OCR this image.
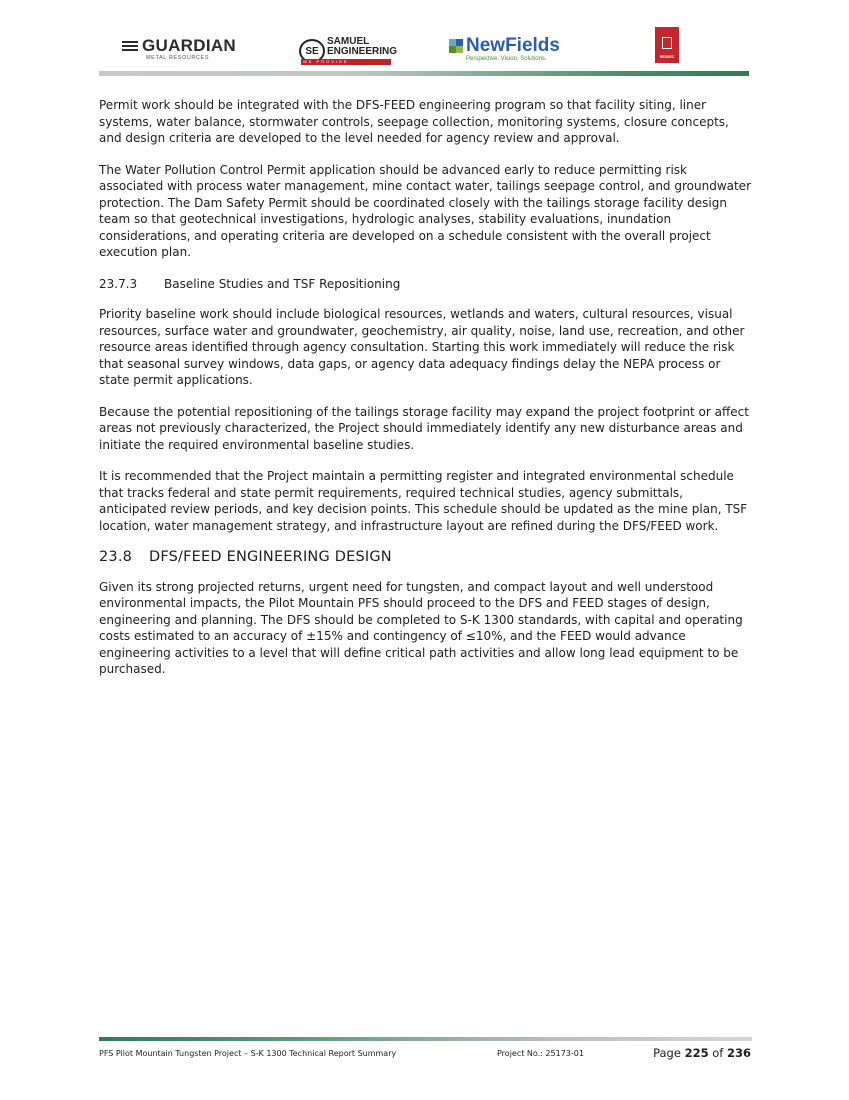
GUARDIAN
METAL RESOURCES
SE
SAMUEL
ENGINEERING
WE PROVIDE SOLUTIONS
NewFields
Perspective. Vision. Solutions.	RESSEC

Permit work should be integrated with the DFS-FEED engineering program so that facility siting, liner systems, water balance, stormwater controls, seepage collection, monitoring systems, closure concepts, and design criteria are developed to the level needed for agency review and approval.

The Water Pollution Control Permit application should be advanced early to reduce permitting risk associated with process water management, mine contact water, tailings seepage control, and groundwater protection. The Dam Safety Permit should be coordinated closely with the tailings storage facility design team so that geotechnical investigations, hydrologic analyses, stability evaluations, inundation considerations, and operating criteria are developed on a schedule consistent with the overall project execution plan.

23.7.3 Baseline Studies and TSF Repositioning

Priority baseline work should include biological resources, wetlands and waters, cultural resources, visual resources, surface water and groundwater, geochemistry, air quality, noise, land use, recreation, and other resource areas identified through agency consultation. Starting this work immediately will reduce the risk that seasonal survey windows, data gaps, or agency data adequacy findings delay the NEPA process or state permit applications.

Because the potential repositioning of the tailings storage facility may expand the project footprint or affect areas not previously characterized, the Project should immediately identify any new disturbance areas and initiate the required environmental baseline studies.

It is recommended that the Project maintain a permitting register and integrated environmental schedule that tracks federal and state permit requirements, required technical studies, agency submittals, anticipated review periods, and key decision points. This schedule should be updated as the mine plan, TSF location, water management strategy, and infrastructure layout are refined during the DFS/FEED work.

23.8 DFS/FEED ENGINEERING DESIGN

Given its strong projected returns, urgent need for tungsten, and compact layout and well understood environmental impacts, the Pilot Mountain PFS should proceed to the DFS and FEED stages of design, engineering and planning. The DFS should be completed to S-K 1300 standards, with capital and operating costs estimated to an accuracy of ±15% and contingency of ≤10%, and the FEED would advance engineering activities to a level that will define critical path activities and allow long lead equipment to be purchased.

PFS Pilot Mountain Tungsten Project – S-K 1300 Technical Report Summary	Project No.: 25173-01	Page 225 of 236
